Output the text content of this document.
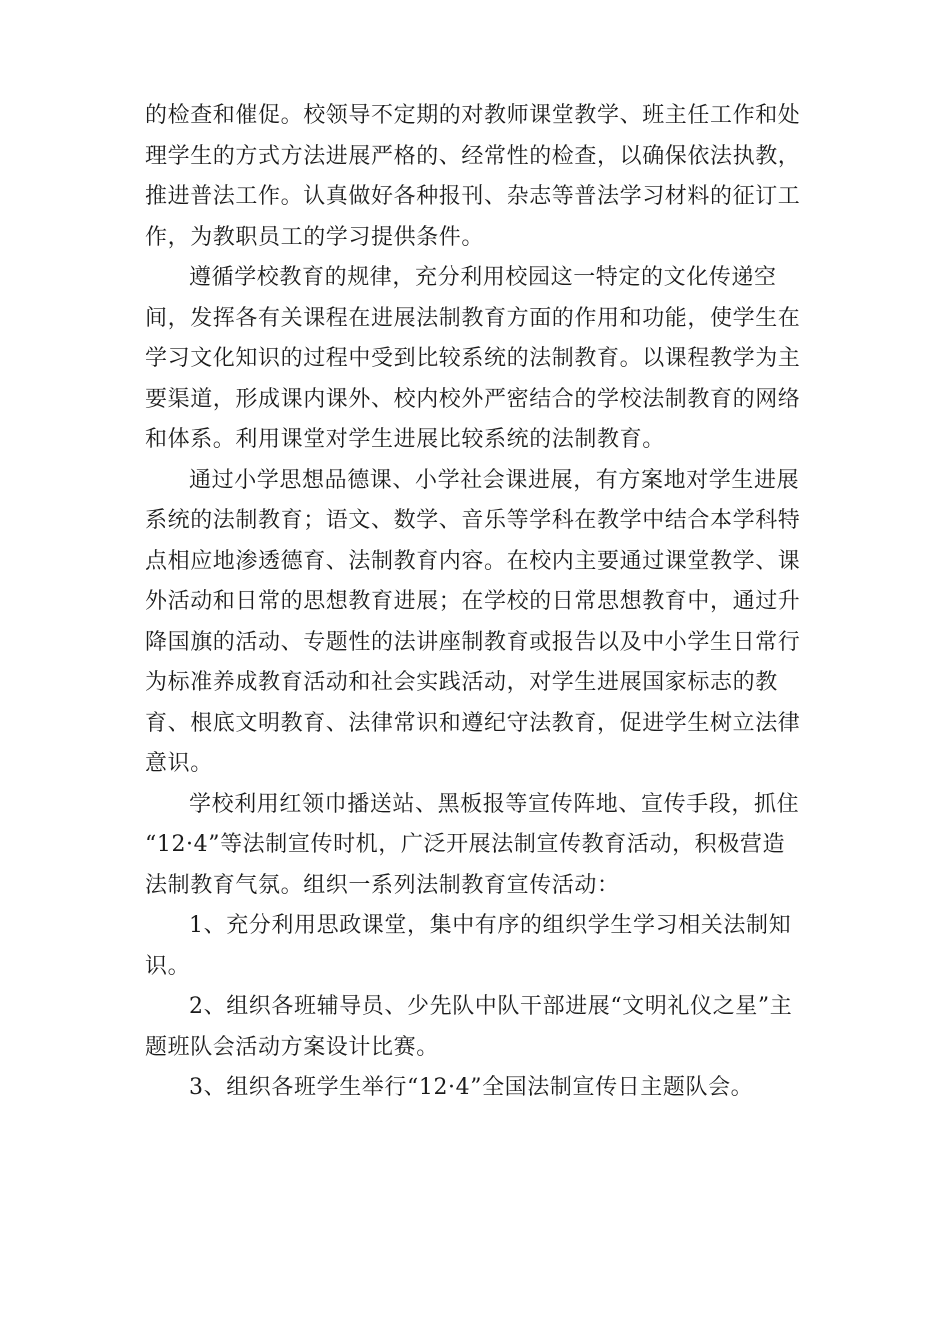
的检查和催促。校领导不定期的对教师课堂教学、班主任工作和处
理学生的方式方法进展严格的、经常性的检查，以确保依法执教，
推进普法工作。认真做好各种报刊、杂志等普法学习材料的征订工
作，为教职员工的学习提供条件。

遵循学校教育的规律，充分利用校园这一特定的文化传递空
间，发挥各有关课程在进展法制教育方面的作用和功能，使学生在
学习文化知识的过程中受到比较系统的法制教育。以课程教学为主
要渠道，形成课内课外、校内校外严密结合的学校法制教育的网络
和体系。利用课堂对学生进展比较系统的法制教育。

通过小学思想品德课、小学社会课进展，有方案地对学生进展
系统的法制教育；语文、数学、音乐等学科在教学中结合本学科特
点相应地渗透德育、法制教育内容。在校内主要通过课堂教学、课
外活动和日常的思想教育进展；在学校的日常思想教育中，通过升
降国旗的活动、专题性的法讲座制教育或报告以及中小学生日常行
为标准养成教育活动和社会实践活动，对学生进展国家标志的教
育、根底文明教育、法律常识和遵纪守法教育，促进学生树立法律
意识。

学校利用红领巾播送站、黑板报等宣传阵地、宣传手段，抓住
“12·4”等法制宣传时机，广泛开展法制宣传教育活动，积极营造
法制教育气氛。组织一系列法制教育宣传活动：

1、充分利用思政课堂，集中有序的组织学生学习相关法制知
识。

2、组织各班辅导员、少先队中队干部进展“文明礼仪之星”主
题班队会活动方案设计比赛。

3、组织各班学生举行“12·4”全国法制宣传日主题队会。
